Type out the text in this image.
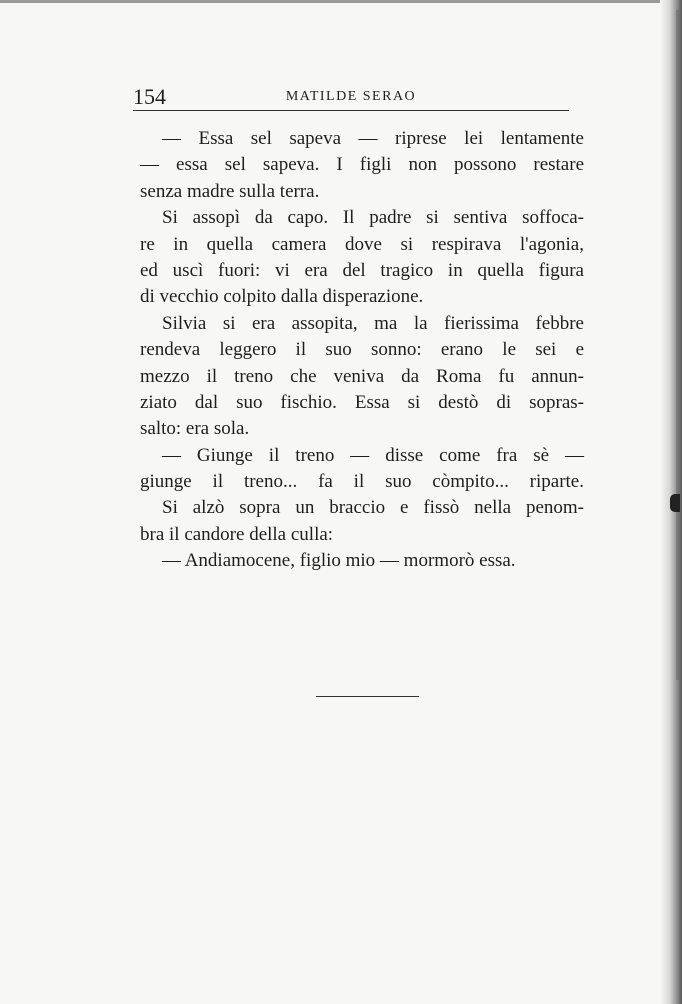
154	MATILDE SERAO
— Essa sel sapeva — riprese lei lentamente
— essa sel sapeva. I figli non possono restare
senza madre sulla terra.
Si assopì da capo. Il padre si sentiva soffoca-
re in quella camera dove si respirava l'agonia,
ed uscì fuori: vi era del tragico in quella figura
di vecchio colpito dalla disperazione.
Silvia si era assopita, ma la fierissima febbre
rendeva leggero il suo sonno: erano le sei e
mezzo il treno che veniva da Roma fu annun-
ziato dal suo fischio. Essa si destò di sopras-
salto: era sola.
— Giunge il treno — disse come fra sè —
giunge il treno... fa il suo còmpito... riparte.
Si alzò sopra un braccio e fissò nella penom-
bra il candore della culla:
— Andiamocene, figlio mio — mormorò essa.
